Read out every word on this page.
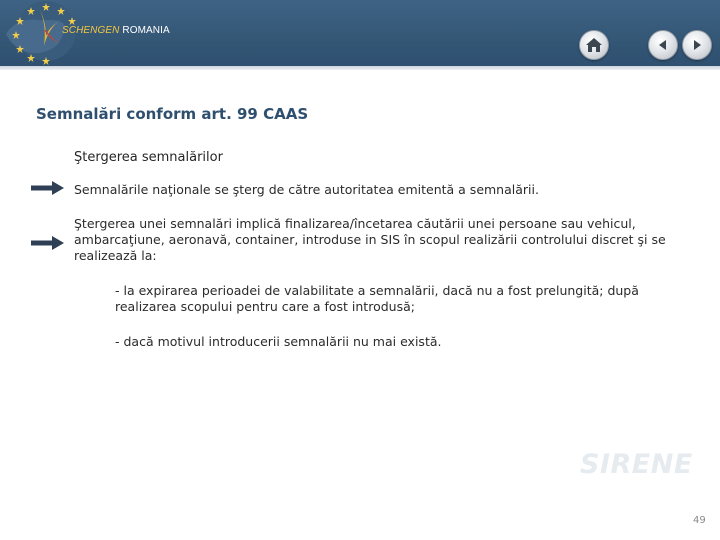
SCHENGEN ROMANIA
Semnalări conform art. 99 CAAS
Ştergerea semnalărilor
Semnalările naţionale se şterg de către autoritatea emitentă a semnalării.
Ştergerea unei semnalări implică finalizarea/încetarea căutării unei persoane sau vehicul, ambarcaţiune, aeronavă, container, introduse in SIS în scopul realizării controlului discret şi se realizează la:
- la expirarea perioadei de valabilitate a semnalării, dacă nu a fost prelungită; după realizarea scopului pentru care a fost introdusă;
- dacă motivul introducerii semnalării nu mai există.
SIRENE
49
